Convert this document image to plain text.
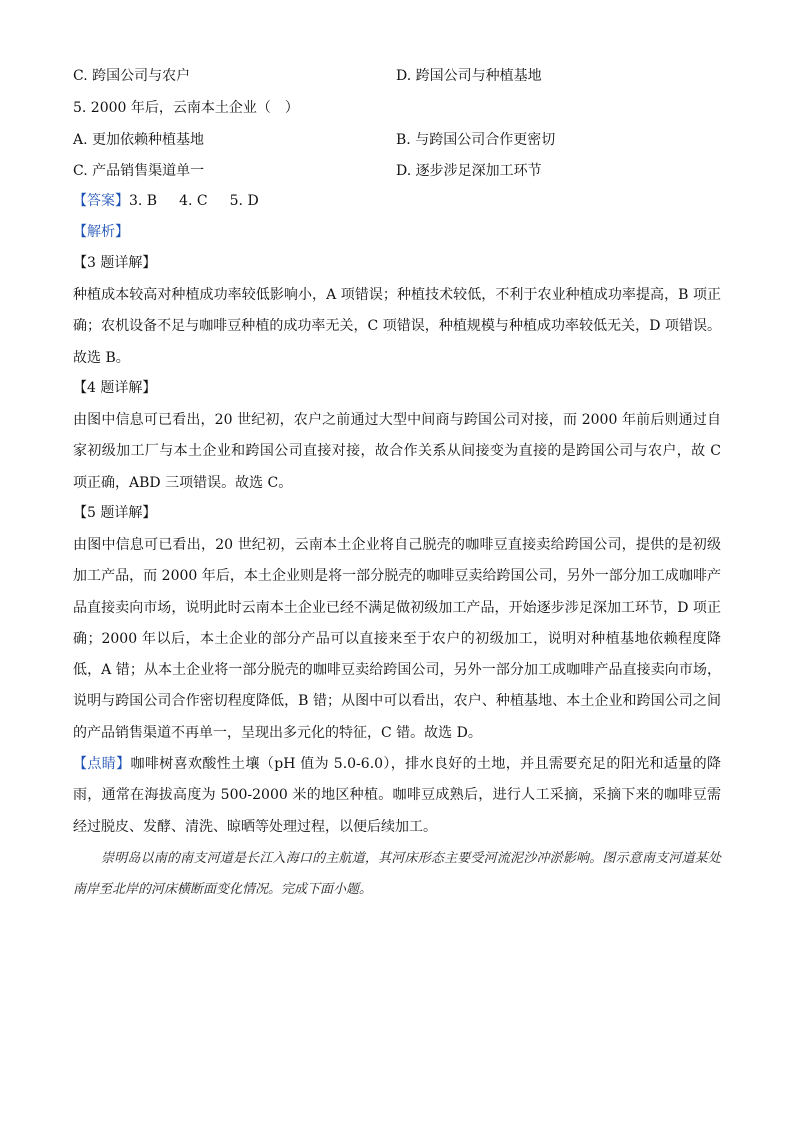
C. 跨国公司与农户	D. 跨国公司与种植基地
5. 2000 年后，云南本土企业（　）
A. 更加依赖种植基地	B. 与跨国公司合作更密切
C. 产品销售渠道单一	D. 逐步涉足深加工环节
【答案】3. B 4. C 5. D
【解析】
【3 题详解】
种植成本较高对种植成功率较低影响小，A 项错误；种植技术较低，不利于农业种植成功率提高，B 项正确；农机设备不足与咖啡豆种植的成功率无关，C 项错误，种植规模与种植成功率较低无关，D 项错误。故选 B。
【4 题详解】
由图中信息可已看出，20 世纪初，农户之前通过大型中间商与跨国公司对接，而 2000 年前后则通过自家初级加工厂与本土企业和跨国公司直接对接，故合作关系从间接变为直接的是跨国公司与农户，故 C 项正确，ABD 三项错误。故选 C。
【5 题详解】
由图中信息可已看出，20 世纪初，云南本土企业将自己脱壳的咖啡豆直接卖给跨国公司，提供的是初级加工产品，而 2000 年后，本土企业则是将一部分脱壳的咖啡豆卖给跨国公司，另外一部分加工成咖啡产品直接卖向市场，说明此时云南本土企业已经不满足做初级加工产品，开始逐步涉足深加工环节，D 项正确；2000 年以后，本土企业的部分产品可以直接来至于农户的初级加工，说明对种植基地依赖程度降低，A 错；从本土企业将一部分脱壳的咖啡豆卖给跨国公司，另外一部分加工成咖啡产品直接卖向市场，说明与跨国公司合作密切程度降低，B 错；从图中可以看出，农户、种植基地、本土企业和跨国公司之间的产品销售渠道不再单一，呈现出多元化的特征，C 错。故选 D。
【点睛】咖啡树喜欢酸性土壤（pH 值为 5.0-6.0），排水良好的土地，并且需要充足的阳光和适量的降雨，通常在海拔高度为 500-2000 米的地区种植。咖啡豆成熟后，进行人工采摘，采摘下来的咖啡豆需经过脱皮、发酵、清洗、晾晒等处理过程，以便后续加工。
崇明岛以南的南支河道是长江入海口的主航道，其河床形态主要受河流泥沙冲淤影响。图示意南支河道某处南岸至北岸的河床横断面变化情况。完成下面小题。
